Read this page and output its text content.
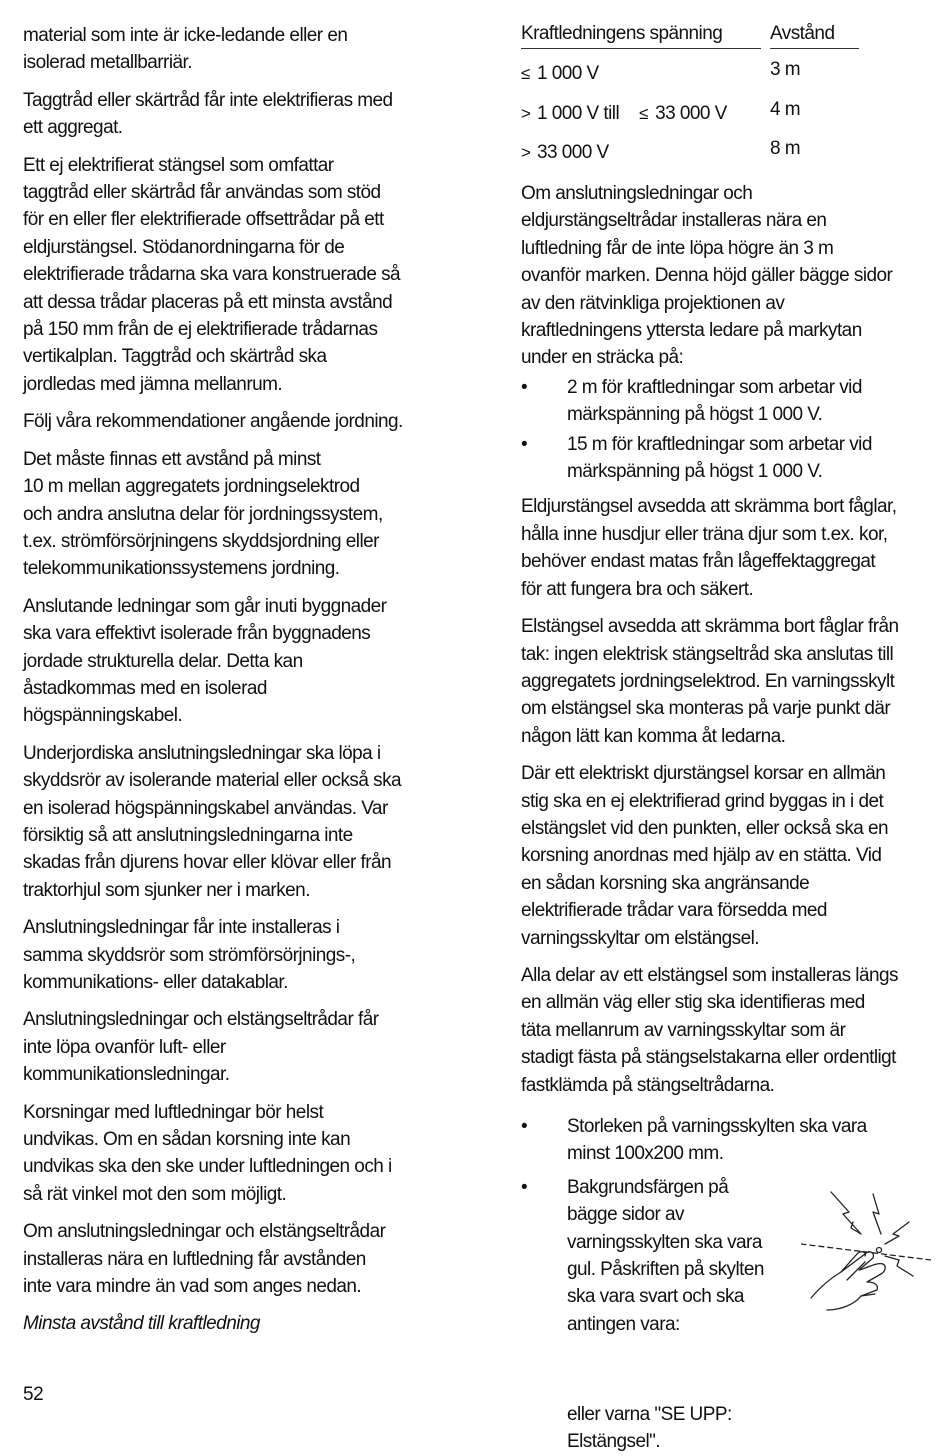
material som inte är icke-ledande eller en
isolerad metallbarriär.

Taggtråd eller skärtråd får inte elektrifieras med
ett aggregat.

Ett ej elektrifierat stängsel som omfattar
taggtråd eller skärtråd får användas som stöd
för en eller fler elektrifierade offsettrådar på ett
eldjurstängsel. Stödanordningarna för de
elektrifierade trådarna ska vara konstruerade så
att dessa trådar placeras på ett minsta avstånd
på 150 mm från de ej elektrifierade trådarnas
vertikalplan. Taggtråd och skärtråd ska
jordledas med jämna mellanrum.

Följ våra rekommendationer angående jordning.

Det måste finnas ett avstånd på minst
10 m mellan aggregatets jordningselektrod
och andra anslutna delar för jordningssystem,
t.ex. strömförsörjningens skyddsjordning eller
telekommunikationssystemens jordning.

Anslutande ledningar som går inuti byggnader
ska vara effektivt isolerade från byggnadens
jordade strukturella delar. Detta kan
åstadkommas med en isolerad
högspänningskabel.

Underjordiska anslutningsledningar ska löpa i
skyddsrör av isolerande material eller också ska
en isolerad högspänningskabel användas. Var
försiktig så att anslutningsledningarna inte
skadas från djurens hovar eller klövar eller från
traktorhjul som sjunker ner i marken.

Anslutningsledningar får inte installeras i
samma skyddsrör som strömförsörjnings-,
kommunikations- eller datakablar.

Anslutningsledningar och elstängseltrådar får
inte löpa ovanför luft- eller
kommunikationsledningar.

Korsningar med luftledningar bör helst
undvikas. Om en sådan korsning inte kan
undvikas ska den ske under luftledningen och i
så rät vinkel mot den som möjligt.

Om anslutningsledningar och elstängseltrådar
installeras nära en luftledning får avstånden
inte vara mindre än vad som anges nedan.

Minsta avstånd till kraftledning

Kraftledningens spänning	Avstånd
≤ 1 000 V	3 m
> 1 000 V till ≤ 33 000 V 4 m
> 33 000 V	8 m

Om anslutningsledningar och
eldjurstängseltrådar installeras nära en
luftledning får de inte löpa högre än 3 m
ovanför marken. Denna höjd gäller bägge sidor
av den rätvinkliga projektionen av
kraftledningens yttersta ledare på markytan
under en sträcka på:

• 2 m för kraftledningar som arbetar vid
märkspänning på högst 1 000 V.
• 15 m för kraftledningar som arbetar vid
märkspänning på högst 1 000 V.

Eldjurstängsel avsedda att skrämma bort fåglar,
hålla inne husdjur eller träna djur som t.ex. kor,
behöver endast matas från lågeffektaggregat
för att fungera bra och säkert.

Elstängsel avsedda att skrämma bort fåglar från
tak: ingen elektrisk stängseltråd ska anslutas till
aggregatets jordningselektrod. En varningsskylt
om elstängsel ska monteras på varje punkt där
någon lätt kan komma åt ledarna.

Där ett elektriskt djurstängsel korsar en allmän
stig ska en ej elektrifierad grind byggas in i det
elstängslet vid den punkten, eller också ska en
korsning anordnas med hjälp av en stätta. Vid
en sådan korsning ska angränsande
elektrifierade trådar vara försedda med
varningsskyltar om elstängsel.

Alla delar av ett elstängsel som installeras längs
en allmän väg eller stig ska identifieras med
täta mellanrum av varningsskyltar som är
stadigt fästa på stängselstakarna eller ordentligt
fastklämda på stängseltrådarna.

• Storleken på varningsskylten ska vara
minst 100x200 mm.
• Bakgrundsfärgen på bägge sidor av
varningsskylten ska vara
gul. Påskriften på skylten
ska vara svart och ska
antingen vara:

eller varna "SE UPP:
Elstängsel".
52
